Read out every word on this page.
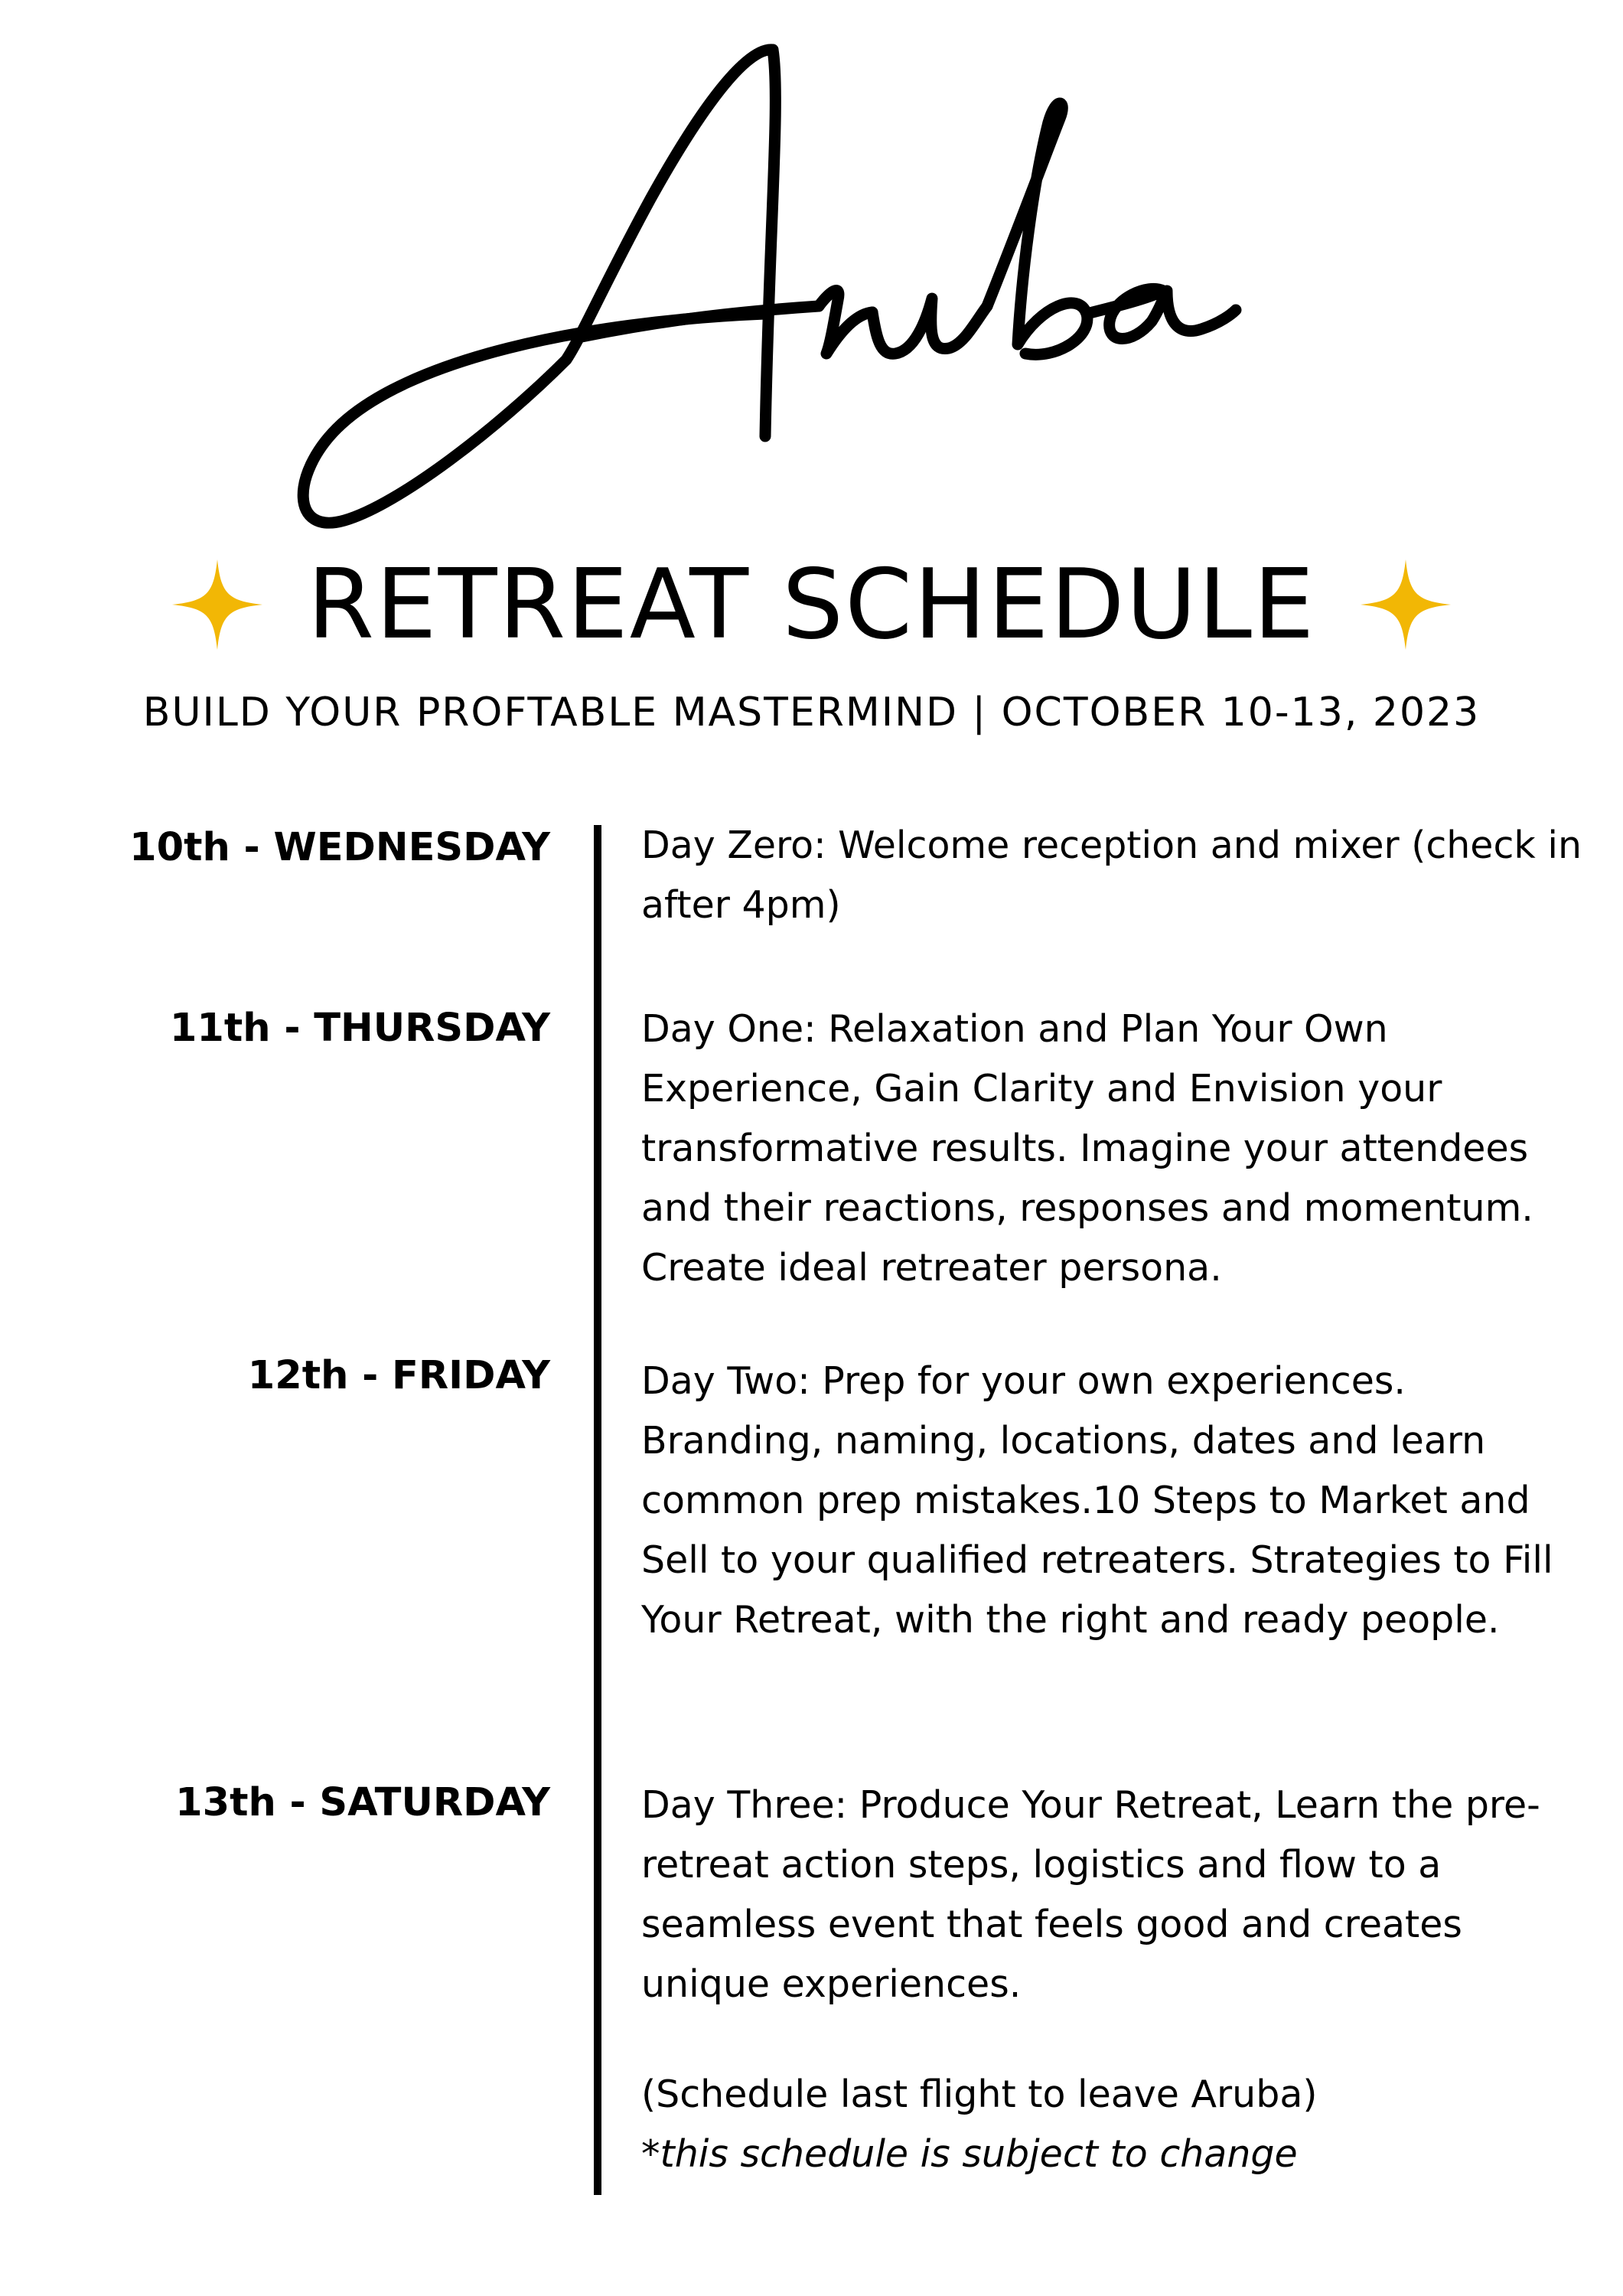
RETREAT SCHEDULE
BUILD YOUR PROFTABLE MASTERMIND | OCTOBER 10-13, 2023
10th - WEDNESDAY
11th - THURSDAY
12th - FRIDAY
13th - SATURDAY

Day Zero: Welcome reception and mixer (check in after 4pm)

Day One: Relaxation and Plan Your Own Experience, Gain Clarity and Envision your transformative results. Imagine your attendees and their reactions, responses and momentum. Create ideal retreater persona.

Day Two: Prep for your own experiences. Branding, naming, locations, dates and learn common prep mistakes.10 Steps to Market and Sell to your qualified retreaters. Strategies to Fill Your Retreat, with the right and ready people.

Day Three: Produce Your Retreat, Learn the pre-retreat action steps, logistics and flow to a seamless event that feels good and creates unique experiences.

(Schedule last flight to leave Aruba)

*this schedule is subject to change
